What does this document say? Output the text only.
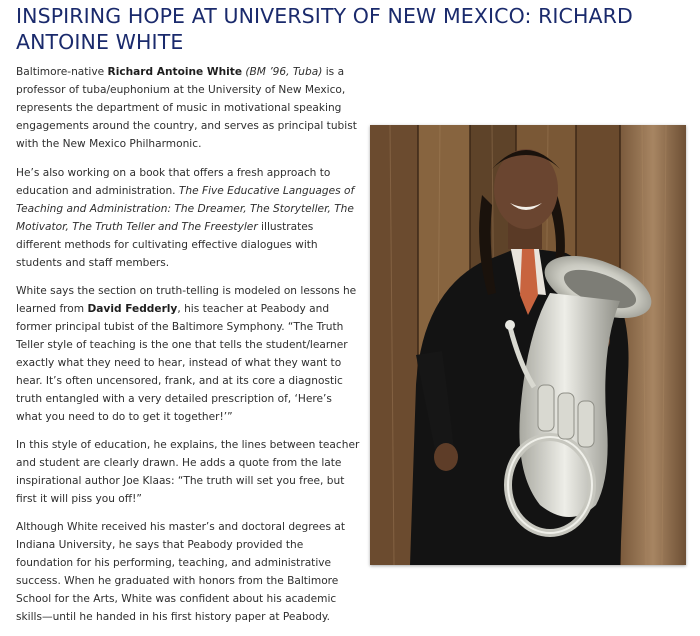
INSPIRING HOPE AT UNIVERSITY OF NEW MEXICO: RICHARD ANTOINE WHITE

Baltimore-native Richard Antoine White (BM ’96, Tuba) is a professor of tuba/euphonium at the University of New Mexico, represents the department of music in motivational speaking engagements around the country, and serves as principal tubist with the New Mexico Philharmonic.

He’s also working on a book that offers a fresh approach to education and administration. The Five Educative Languages of Teaching and Administration: The Dreamer, The Storyteller, The Motivator, The Truth Teller and The Freestyler illustrates different methods for cultivating effective dialogues with students and staff members.

White says the section on truth-telling is modeled on lessons he learned from David Fedderly, his teacher at Peabody and former principal tubist of the Baltimore Symphony. “The Truth Teller style of teaching is the one that tells the student/learner exactly what they need to hear, instead of what they want to hear. It’s often uncensored, frank, and at its core a diagnostic truth entangled with a very detailed prescription of, ‘Here’s what you need to do to get it together!’”

In this style of education, he explains, the lines between teacher and student are clearly drawn. He adds a quote from the late inspirational author Joe Klaas: “The truth will set you free, but first it will piss you off!”

Although White received his master’s and doctoral degrees at Indiana University, he says that Peabody provided the foundation for his performing, teaching, and administrative success. When he graduated with honors from the Baltimore School for the Arts, White was confident about his academic skills—until he handed in his first history paper at Peabody.
